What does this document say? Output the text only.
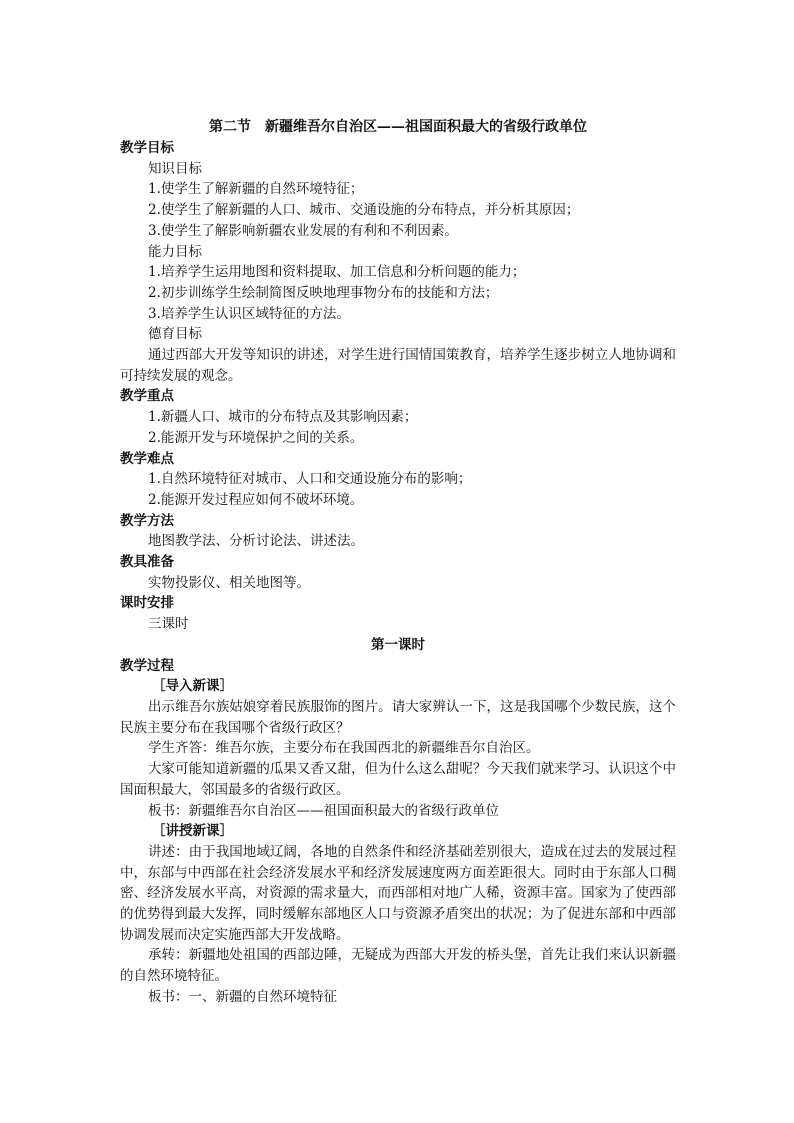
第二节　新疆维吾尔自治区——祖国面积最大的省级行政单位

教学目标

知识目标

1.使学生了解新疆的自然环境特征；

2.使学生了解新疆的人口、城市、交通设施的分布特点，并分析其原因；

3.使学生了解影响新疆农业发展的有利和不利因素。

能力目标

1.培养学生运用地图和资料提取、加工信息和分析问题的能力；

2.初步训练学生绘制简图反映地理事物分布的技能和方法；

3.培养学生认识区域特征的方法。

德育目标

通过西部大开发等知识的讲述，对学生进行国情国策教育，培养学生逐步树立人地协调和可持续发展的观念。

教学重点

1.新疆人口、城市的分布特点及其影响因素；

2.能源开发与环境保护之间的关系。

教学难点

1.自然环境特征对城市、人口和交通设施分布的影响；

2.能源开发过程应如何不破坏环境。

教学方法

地图教学法、分析讨论法、讲述法。

教具准备

实物投影仪、相关地图等。

课时安排

三课时

第一课时

教学过程

［导入新课］

出示维吾尔族姑娘穿着民族服饰的图片。请大家辨认一下，这是我国哪个少数民族，这个民族主要分布在我国哪个省级行政区？

学生齐答：维吾尔族，主要分布在我国西北的新疆维吾尔自治区。

大家可能知道新疆的瓜果又香又甜，但为什么这么甜呢？今天我们就来学习、认识这个中国面积最大，邻国最多的省级行政区。

板书：新疆维吾尔自治区——祖国面积最大的省级行政单位

［讲授新课］

讲述：由于我国地域辽阔，各地的自然条件和经济基础差别很大，造成在过去的发展过程中，东部与中西部在社会经济发展水平和经济发展速度两方面差距很大。同时由于东部人口稠密、经济发展水平高，对资源的需求量大，而西部相对地广人稀，资源丰富。国家为了使西部的优势得到最大发挥，同时缓解东部地区人口与资源矛盾突出的状况；为了促进东部和中西部协调发展而决定实施西部大开发战略。

承转：新疆地处祖国的西部边陲，无疑成为西部大开发的桥头堡，首先让我们来认识新疆的自然环境特征。

板书：一、新疆的自然环境特征
